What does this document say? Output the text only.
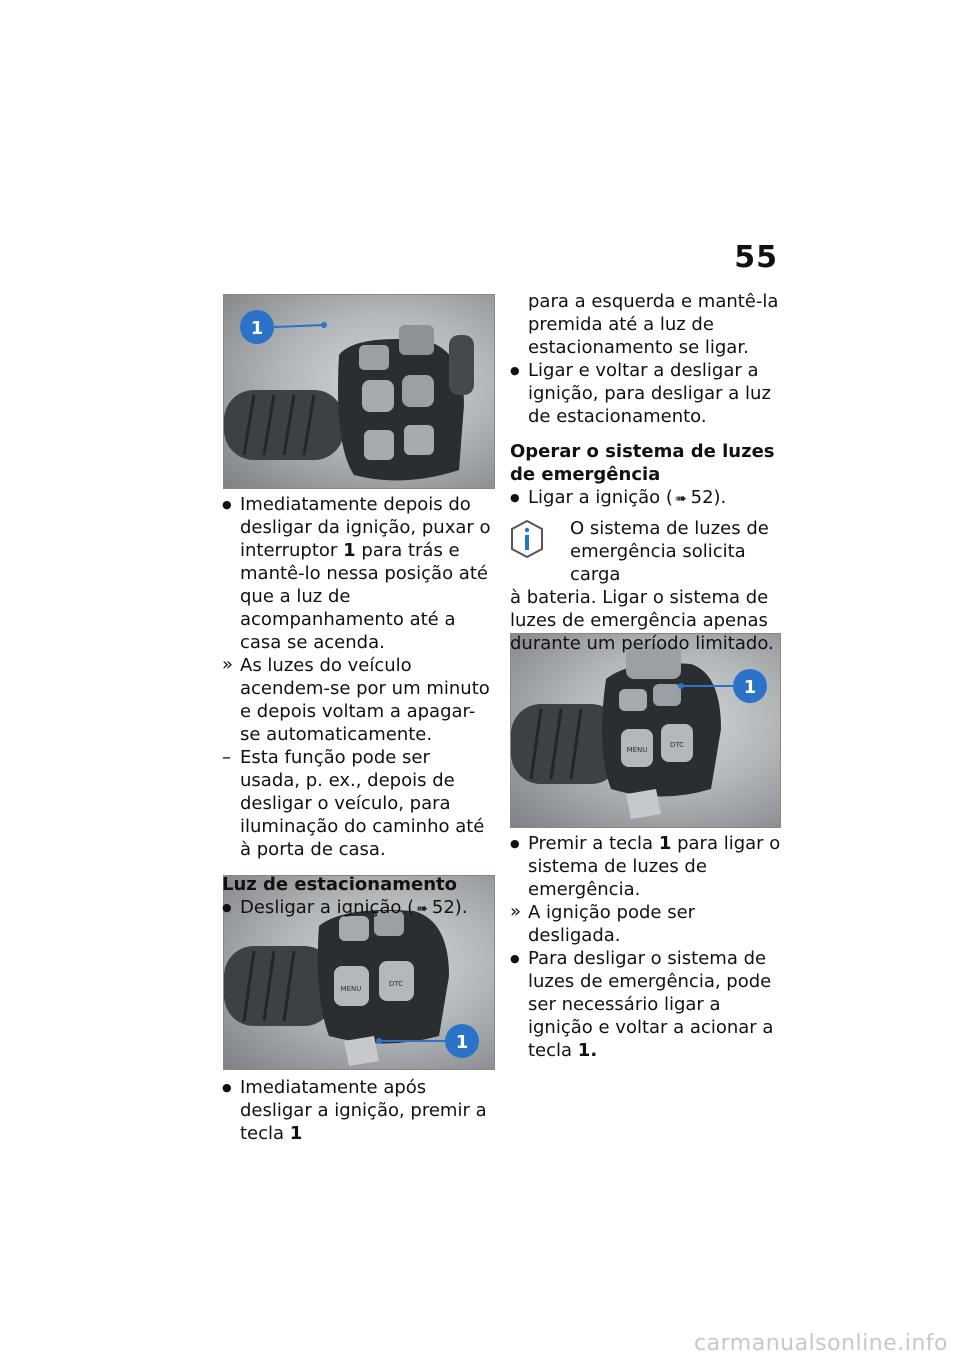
55
1
MENU
DTC
1
MENU
DTC
1

● Imediatamente depois do desligar da ignição, puxar o interruptor 1 para trás e mantê-lo nessa posição até que a luz de acompanhamento até a casa se acenda.

» As luzes do veículo acendem-se por um minuto e depois voltam a apagar-se automaticamente.

– Esta função pode ser usada, p. ex., depois de desligar o veículo, para iluminação do caminho até à porta de casa.

Luz de estacionamento

● Desligar a ignição (➠ 52).

● Imediatamente após desligar a ignição, premir a tecla 1

para a esquerda e mantê-la premida até a luz de estacionamento se ligar.

● Ligar e voltar a desligar a ignição, para desligar a luz de estacionamento.

Operar o sistema de luzes de emergência

● Ligar a ignição (➠ 52).

O sistema de luzes de
emergência solicita carga
à bateria. Ligar o sistema de luzes de emergência apenas durante um período limitado.

● Premir a tecla 1 para ligar o sistema de luzes de emergência.

» A ignição pode ser desligada.

● Para desligar o sistema de luzes de emergência, pode ser necessário ligar a ignição e voltar a acionar a tecla 1.

carmanualsonline.info
